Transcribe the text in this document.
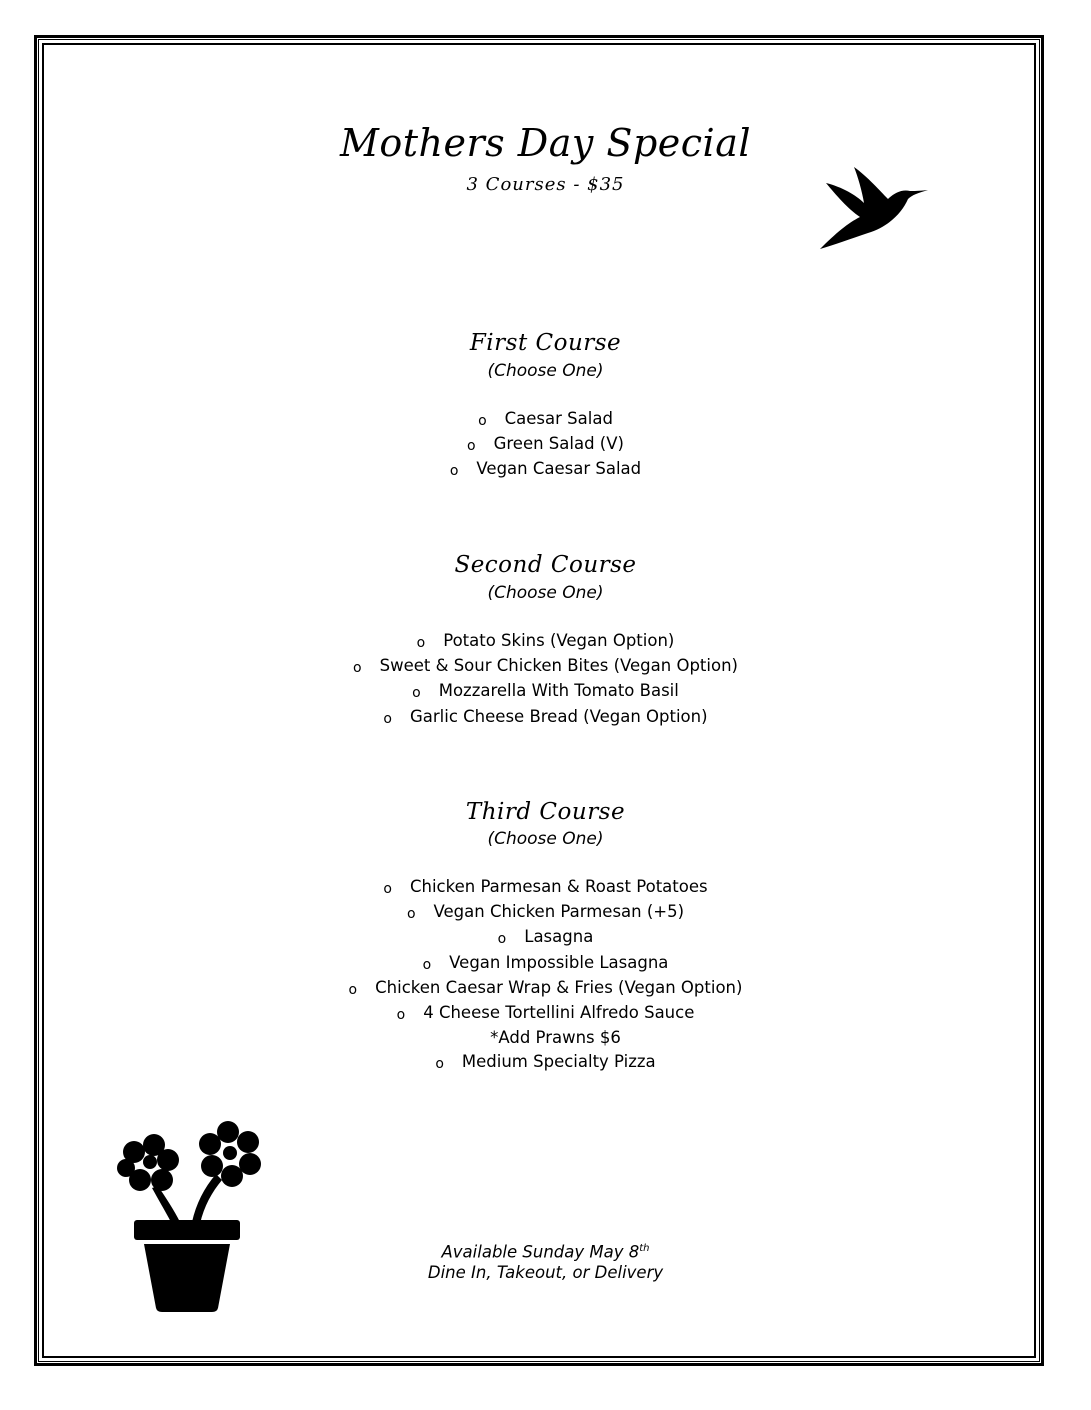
Mothers Day Special
3 Courses - $35
First Course
(Choose One)
o Caesar Salad
o Green Salad (V)
o Vegan Caesar Salad
Second Course
(Choose One)
o Potato Skins (Vegan Option)
o Sweet & Sour Chicken Bites (Vegan Option)
o Mozzarella With Tomato Basil
o Garlic Cheese Bread (Vegan Option)
Third Course
(Choose One)
o Chicken Parmesan & Roast Potatoes
o Vegan Chicken Parmesan (+5)
o Lasagna
o Vegan Impossible Lasagna
o Chicken Caesar Wrap & Fries (Vegan Option)
o 4 Cheese Tortellini Alfredo Sauce
*Add Prawns $6
o Medium Specialty Pizza
Available Sunday May 8th
Dine In, Takeout, or Delivery
